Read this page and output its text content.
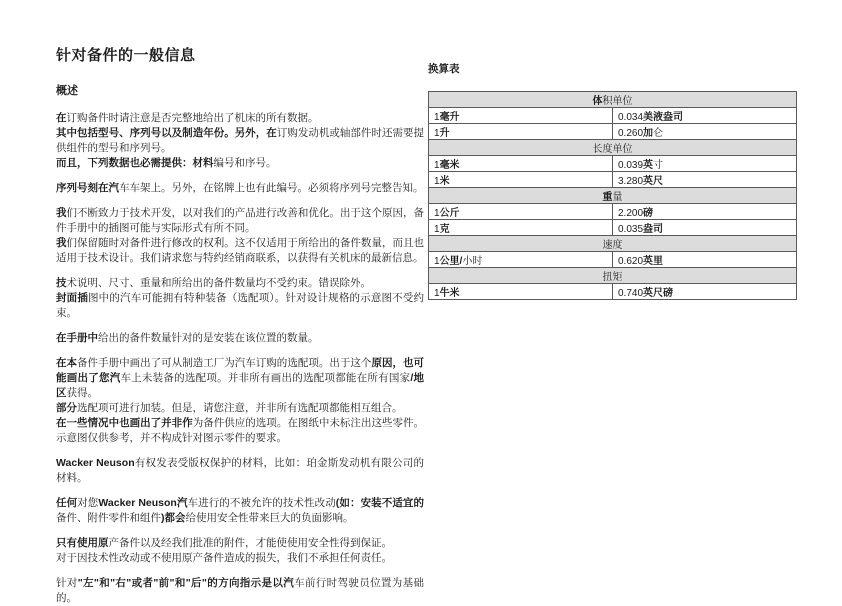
针对备件的一般信息
概述
在订购备件时请注意是否完整地给出了机床的所有数据。
其中包括型号、序列号以及制造年份。另外，在订购发动机或轴部件时还需要提供组件的型号和序列号。
而且，下列数据也必需提供：材料编号和序号。
序列号刻在汽车车架上。另外，在铭牌上也有此编号。必须将序列号完整告知。
我们不断致力于技术开发，以对我们的产品进行改善和优化。出于这个原因，备件手册中的插图可能与实际形式有所不同。
我们保留随时对备件进行修改的权利。这不仅适用于所给出的备件数量，而且也适用于技术设计。我们请求您与特约经销商联系，以获得有关机床的最新信息。
技术说明、尺寸、重量和所给出的备件数量均不受约束。错误除外。
封面插图中的汽车可能拥有特种装备（选配项）。针对设计规格的示意图不受约束。
在手册中给出的备件数量针对的是安装在该位置的数量。
在本备件手册中画出了可从制造工厂为汽车订购的选配项。出于这个原因，也可能画出了您汽车上未装备的选配项。并非所有画出的选配项都能在所有国家/地区获得。
部分选配项可进行加装。但是，请您注意，并非所有选配项都能相互组合。
在一些情况中也画出了并非作为备件供应的选项。在图纸中未标注出这些零件。示意图仅供参考，并不构成针对图示零件的要求。
Wacker Neuson有权发表受版权保护的材料，比如：珀金斯发动机有限公司的材料。
任何对您Wacker Neuson汽车进行的不被允许的技术性改动(如：安装不适宜的备件、附件零件和组件)都会给使用安全性带来巨大的负面影响。
只有使用原产备件以及经我们批准的附件，才能使使用安全性得到保证。
对于因技术性改动或不使用原产备件造成的损失，我们不承担任何责任。
针对"左"和"右"或者"前"和"后"的方向指示是以汽车前行时驾驶员位置为基础的。
换算表
体积单位	
1毫升	0.034美液盎司
1升	0.260加仑
长度单位	
1毫米	0.039英寸
1米	3.280英尺
重量	
1公斤	2.200磅
1克	0.035盎司
速度	
1公里/小时	0.620英里
扭矩	
1牛米	0.740英尺磅
